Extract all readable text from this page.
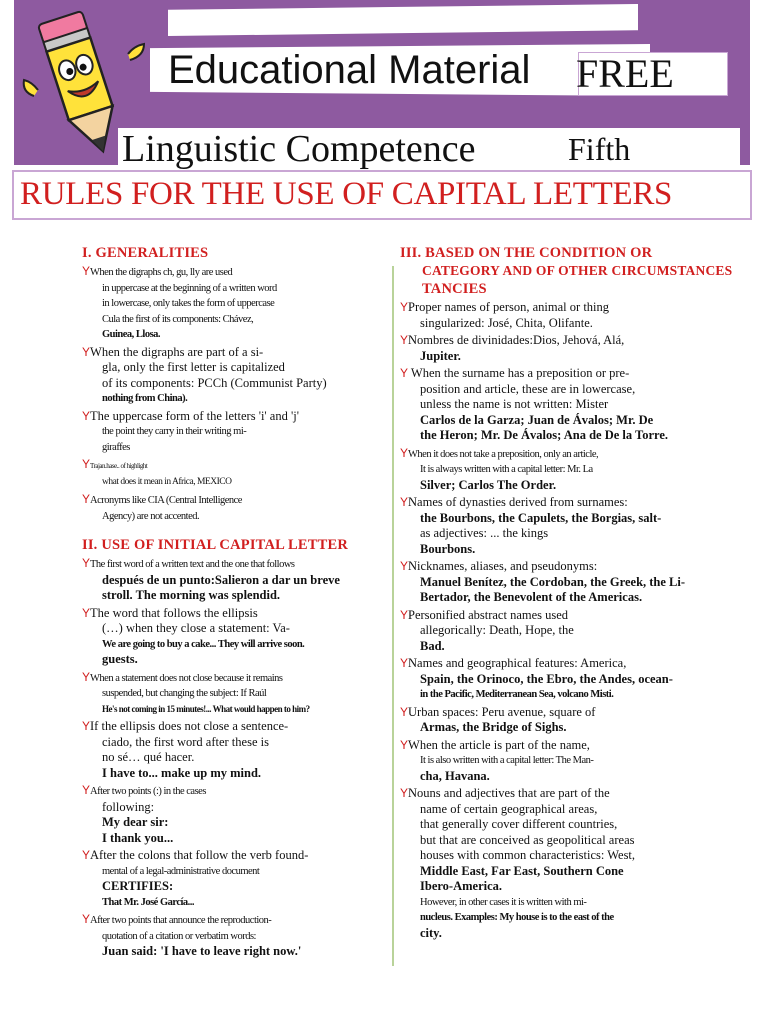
Educational Material FREE
Linguistic Competence	Fifth
RULES FOR THE USE OF CAPITAL LETTERS
I. GENERALITIES
YWhen the digraphs ch, gu, lly are used
in uppercase at the beginning of a written word
in lowercase, only takes the form of uppercase
Cula the first of its components: Chávez,
Guinea, Llosa.
YWhen the digraphs are part of a si-
gla, only the first letter is capitalized
of its components: PCCh (Communist Party)
nothing from China).
YThe uppercase form of the letters 'i' and 'j'
the point they carry in their writing mi-
giraffes
YTrajan.hase.. of highlight
what does it mean in Africa, MEXICO
YAcronyms like CIA (Central Intelligence
Agency) are not accented.
II. USE OF INITIAL CAPITAL LETTER
YThe first word of a written text and the one that follows
después de un punto:Salieron a dar un breve
stroll. The morning was splendid.
YThe word that follows the ellipsis
(…) when they close a statement: Va-
We are going to buy a cake... They will arrive soon.
guests.
YWhen a statement does not close because it remains
suspended, but changing the subject: If Raúl
He's not coming in 15 minutes!... What would happen to him?
YIf the ellipsis does not close a sentence-
ciado, the first word after these is
no sé… qué hacer.
I have to... make up my mind.
YAfter two points (:) in the cases
following:
My dear sir:
I thank you...
YAfter the colons that follow the verb found-
mental of a legal-administrative document
CERTIFIES:
That Mr. José García...
YAfter two points that announce the reproduction-
quotation of a citation or verbatim words:
Juan said: 'I have to leave right now.'
III. BASED ON THE CONDITION OR
CATEGORY AND OF OTHER CIRCUMSTANCES
TANCIES
YProper names of person, animal or thing
singularized: José, Chita, Olifante.
YNombres de divinidades:Dios, Jehová, Alá,
Jupiter.
Y When the surname has a preposition or pre-
position and article, these are in lowercase,
unless the name is not written: Mister
Carlos de la Garza; Juan de Ávalos; Mr. De
the Heron; Mr. De Ávalos; Ana de De la Torre.
YWhen it does not take a preposition, only an article,
It is always written with a capital letter: Mr. La
Silver; Carlos The Order.
YNames of dynasties derived from surnames:
the Bourbons, the Capulets, the Borgias, salt-
as adjectives: ... the kings
Bourbons.
YNicknames, aliases, and pseudonyms:
Manuel Benítez, the Cordoban, the Greek, the Li-
Bertador, the Benevolent of the Americas.
YPersonified abstract names used
allegorically: Death, Hope, the
Bad.
YNames and geographical features: America,
Spain, the Orinoco, the Ebro, the Andes, ocean-
in the Pacific, Mediterranean Sea, volcano Misti.
YUrban spaces: Peru avenue, square of
Armas, the Bridge of Sighs.
YWhen the article is part of the name,
It is also written with a capital letter: The Man-
cha, Havana.
YNouns and adjectives that are part of the
name of certain geographical areas,
that generally cover different countries,
but that are conceived as geopolitical areas
houses with common characteristics: West,
Middle East, Far East, Southern Cone
Ibero-America.
However, in other cases it is written with mi-
nucleus. Examples: My house is to the east of the
city.
